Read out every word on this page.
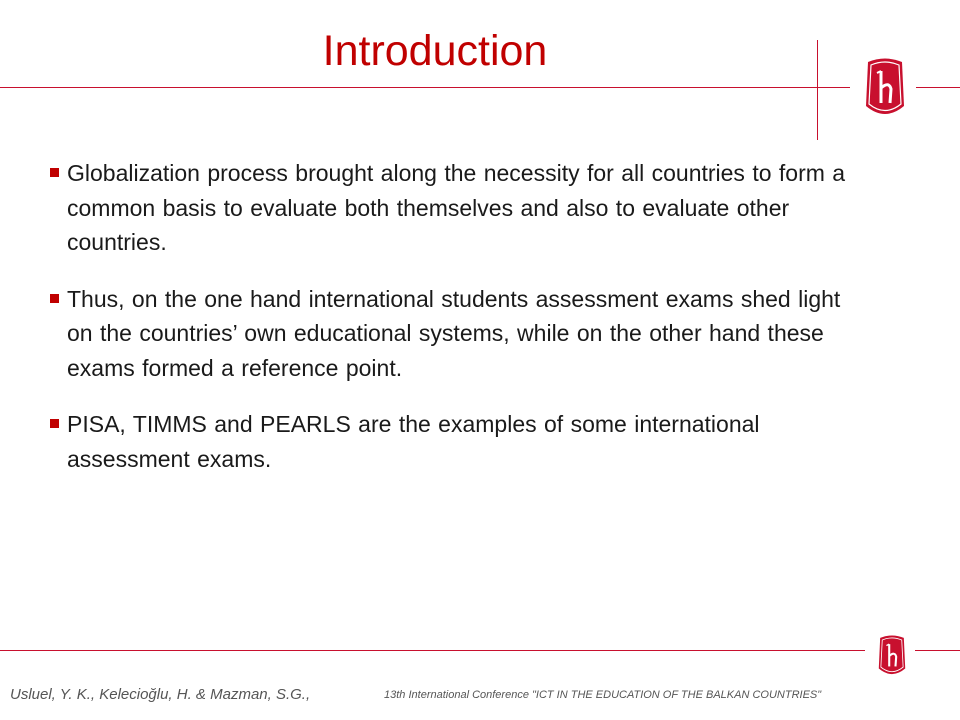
Introduction
Globalization process brought along the necessity for all countries to form a common basis to evaluate both themselves and also to evaluate other countries.
Thus, on the one hand international students assessment exams shed light on the countries’ own educational systems, while on the other hand these exams formed a reference point.
PISA, TIMMS and PEARLS are the examples of some international assessment exams.
Usluel, Y. K., Kelecioğlu, H. & Mazman, S.G.,	13th International Conference "ICT IN THE EDUCATION OF THE BALKAN COUNTRIES"
